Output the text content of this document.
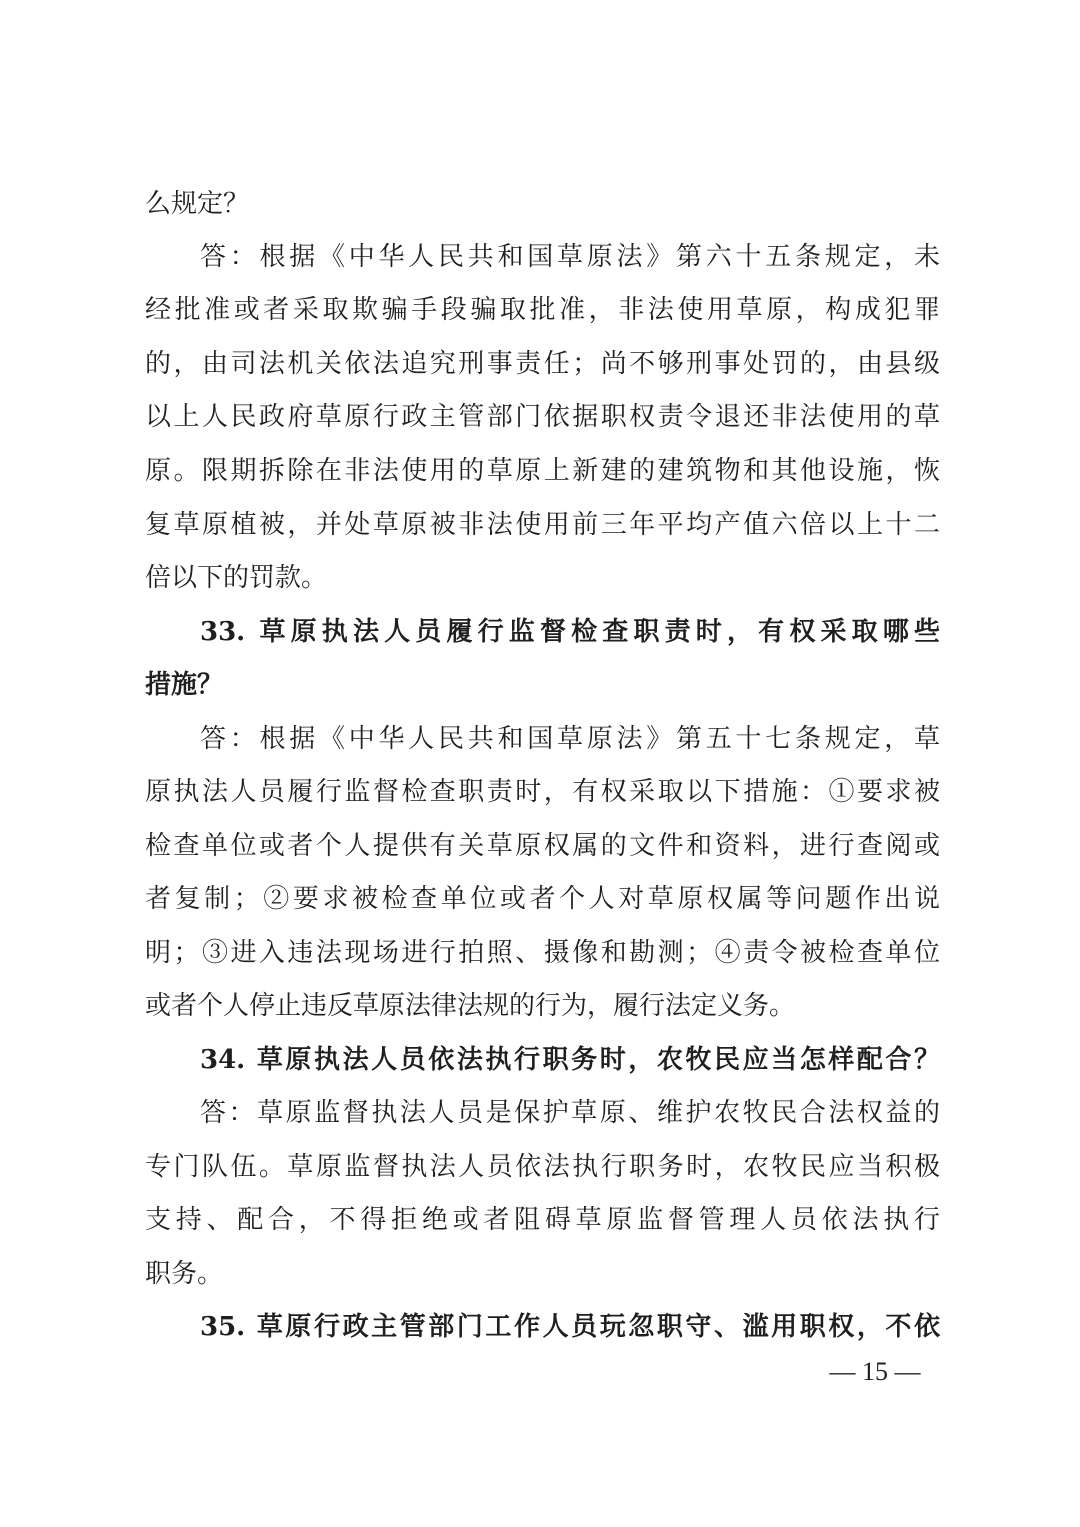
么规定？
答：根据《中华人民共和国草原法》第六十五条规定，未
经批准或者采取欺骗手段骗取批准，非法使用草原，构成犯罪
的，由司法机关依法追究刑事责任；尚不够刑事处罚的，由县级
以上人民政府草原行政主管部门依据职权责令退还非法使用的草
原。限期拆除在非法使用的草原上新建的建筑物和其他设施，恢
复草原植被，并处草原被非法使用前三年平均产值六倍以上十二
倍以下的罚款。
33. 草原执法人员履行监督检查职责时，有权采取哪些
措施？
答：根据《中华人民共和国草原法》第五十七条规定，草
原执法人员履行监督检查职责时，有权采取以下措施：①要求被
检查单位或者个人提供有关草原权属的文件和资料，进行查阅或
者复制；②要求被检查单位或者个人对草原权属等问题作出说
明；③进入违法现场进行拍照、摄像和勘测；④责令被检查单位
或者个人停止违反草原法律法规的行为，履行法定义务。
34. 草原执法人员依法执行职务时，农牧民应当怎样配合？
答：草原监督执法人员是保护草原、维护农牧民合法权益的
专门队伍。草原监督执法人员依法执行职务时，农牧民应当积极
支持、配合，不得拒绝或者阻碍草原监督管理人员依法执行
职务。
35. 草原行政主管部门工作人员玩忽职守、滥用职权，不依
— 15 —
